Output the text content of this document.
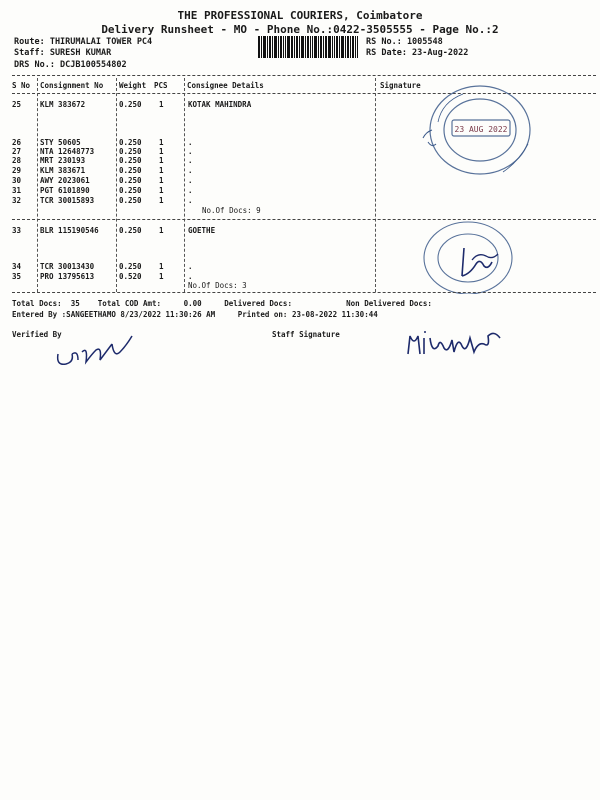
THE PROFESSIONAL COURIERS, Coimbatore
Delivery Runsheet - MO - Phone No.:0422-3505555 - Page No.:2
Route: THIRUMALAI TOWER PC4
Staff: SURESH KUMAR
DRS No.: DCJB100554802
RS No.: 1005548
RS Date: 23-Aug-2022
S No Consignment No Weight PCS	Consignee Details	Signature
25	KLM 383672	0.250 1	KOTAK MAHINDRA
26	STY 50605	0.250 1	.
27	NTA 12648773	0.250 1	.
28	MRT 230193	0.250 1	.
29	KLM 383671	0.250 1	.
30	AWY 2023061	0.250 1	.
31	PGT 6101890	0.250 1	.
32	TCR 30015893	0.250 1	.
No.Of Docs: 9
23 AUG 2022
33	BLR 115190546	0.250 1	GOETHE
34	TCR 30013430	0.250 1	.
35	PRO 13795613	0.520 1	.
No.Of Docs: 3
Total Docs:  35    Total COD Amt:     0.00     Delivered Docs:            Non Delivered Docs:
Entered By :SANGEETHAMO 8/23/2022 11:30:26 AM     Printed on: 23-08-2022 11:30:44
Verified By	Staff Signature
